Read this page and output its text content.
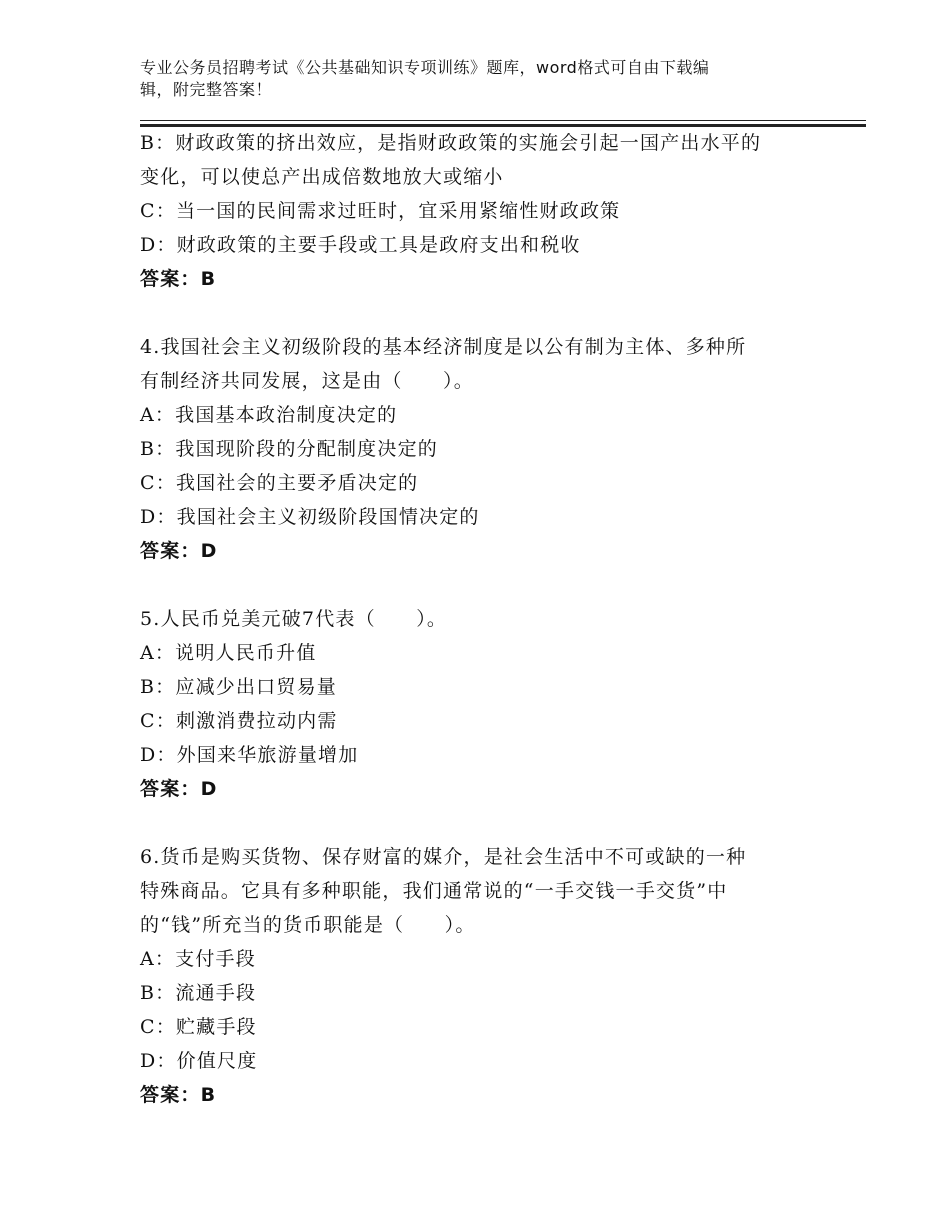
专业公务员招聘考试《公共基础知识专项训练》题库，word格式可自由下载编
辑，附完整答案！
B：财政政策的挤出效应，是指财政政策的实施会引起一国产出水平的
变化，可以使总产出成倍数地放大或缩小
C：当一国的民间需求过旺时，宜采用紧缩性财政政策
D：财政政策的主要手段或工具是政府支出和税收
答案：B
4.我国社会主义初级阶段的基本经济制度是以公有制为主体、多种所
有制经济共同发展，这是由（　　）。
A：我国基本政治制度决定的
B：我国现阶段的分配制度决定的
C：我国社会的主要矛盾决定的
D：我国社会主义初级阶段国情决定的
答案：D
5.人民币兑美元破7代表（　　）。
A：说明人民币升值
B：应减少出口贸易量
C：刺激消费拉动内需
D：外国来华旅游量增加
答案：D
6.货币是购买货物、保存财富的媒介，是社会生活中不可或缺的一种
特殊商品。它具有多种职能，我们通常说的“一手交钱一手交货”中
的“钱”所充当的货币职能是（　　）。
A：支付手段
B：流通手段
C：贮藏手段
D：价值尺度
答案：B
